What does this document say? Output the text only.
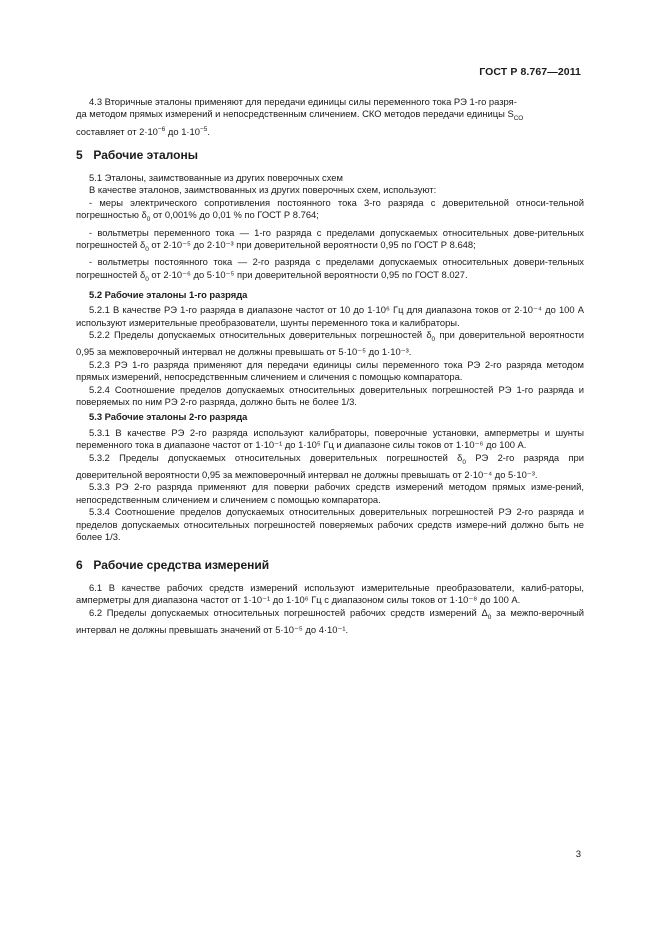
ГОСТ Р 8.767—2011

4.3 Вторичные эталоны применяют для передачи единицы силы переменного тока РЭ 1-го разря-

да методом прямых измерений и непосредственным сличением. СКО методов передачи единицы $S_{СО}$

составляет от $2\cdot 10^{-6}$ до $1\cdot 10^{-5}$.

5 Рабочие эталоны

5.1 Эталоны, заимствованные из других поверочных схем

В качестве эталонов, заимствованных из других поверочных схем, используют:

- меры электрического сопротивления постоянного тока 3-го разряда с доверительной относи-тельной погрешностью $\delta_0$ от 0,001% до 0,01 % по ГОСТ Р 8.764;

- вольтметры переменного тока — 1-го разряда с пределами допускаемых относительных дове-рительных погрешностей $\delta_0$ от 2·10⁻⁵ до 2·10⁻³ при доверительной вероятности 0,95 по ГОСТ Р 8.648;

- вольтметры постоянного тока — 2-го разряда с пределами допускаемых относительных довери-тельных погрешностей $\delta_0$ от 2·10⁻⁶ до 5·10⁻⁵ при доверительной вероятности 0,95 по ГОСТ 8.027.

5.2 Рабочие эталоны 1-го разряда

5.2.1 В качестве РЭ 1-го разряда в диапазоне частот от 10 до 1·10⁶ Гц для диапазона токов от 2·10⁻⁴ до 100 А используют измерительные преобразователи, шунты переменного тока и калибраторы.

5.2.2 Пределы допускаемых относительных доверительных погрешностей $\delta_0$ при доверительной вероятности 0,95 за межповерочный интервал не должны превышать от 5·10⁻⁵ до 1·10⁻³.

5.2.3 РЭ 1-го разряда применяют для передачи единицы силы переменного тока РЭ 2-го разряда методом прямых измерений, непосредственным сличением и сличения с помощью компаратора.

5.2.4 Соотношение пределов допускаемых относительных доверительных погрешностей РЭ 1-го разряда и поверяемых по ним РЭ 2-го разряда, должно быть не более 1/3.

5.3 Рабочие эталоны 2-го разряда

5.3.1 В качестве РЭ 2-го разряда используют калибраторы, поверочные установки, амперметры и шунты переменного тока в диапазоне частот от 1·10⁻¹ до 1·10⁵ Гц и диапазоне силы токов от 1·10⁻⁶ до 100 А.

5.3.2 Пределы допускаемых относительных доверительных погрешностей $\delta_0$ РЭ 2-го разряда при доверительной вероятности 0,95 за межповерочный интервал не должны превышать от 2·10⁻⁴ до 5·10⁻³.

5.3.3 РЭ 2-го разряда применяют для поверки рабочих средств измерений методом прямых изме-рений, непосредственным сличением и сличением с помощью компаратора.

5.3.4 Соотношение пределов допускаемых относительных доверительных погрешностей РЭ 2-го разряда и пределов допускаемых относительных погрешностей поверяемых рабочих средств измере-ний должно быть не более 1/3.

6 Рабочие средства измерений

6.1 В качестве рабочих средств измерений используют измерительные преобразователи, калиб-раторы, амперметры для диапазона частот от 1·10⁻¹ до 1·10⁶ Гц с диапазоном силы токов от 1·10⁻⁸ до 100 А.

6.2 Пределы допускаемых относительных погрешностей рабочих средств измерений $\Delta_0$ за межпо-верочный интервал не должны превышать значений от 5·10⁻⁵ до 4·10⁻¹.

3
